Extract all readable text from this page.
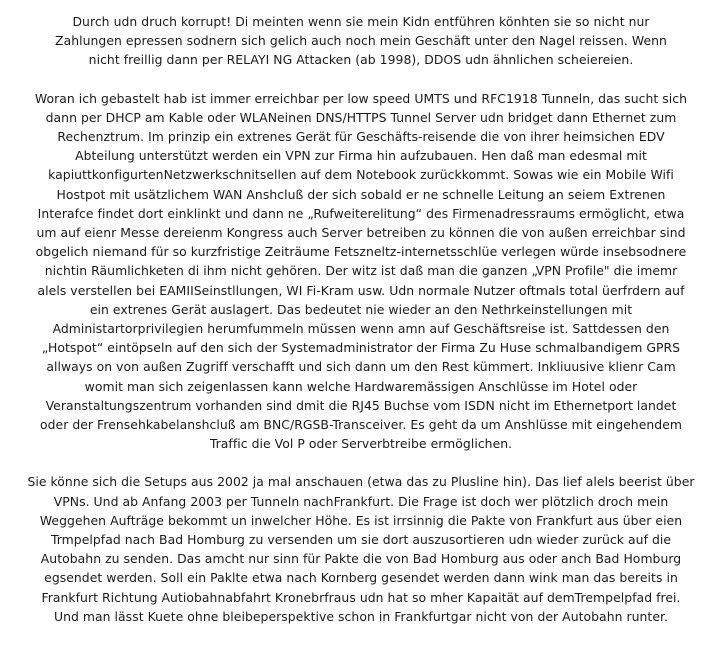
Durch udn druch korrupt! Di meinten wenn sie mein Kidn entführen könhten sie so nicht nur
Zahlungen epressen sodnern sich gelich auch noch mein Geschäft unter den Nagel reissen. Wenn
nicht freillig dann per RELAYI NG Attacken (ab 1998), DDOS udn ähnlichen scheiereien.

Woran ich gebastelt hab ist immer erreichbar per low speed UMTS und RFC1918 Tunneln, das sucht sich
dann per DHCP am Kable oder WLANeinen DNS/HTTPS Tunnel Server udn bridget dann Ethernet zum
Rechenztrum. Im prinzip ein extrenes Gerät für Geschäfts-reisende die von ihrer heimsichen EDV
Abteilung unterstützt werden ein VPN zur Firma hin aufzubauen. Hen daß man edesmal mit
kapiuttkonfigurtenNetzwerkschnitsellen auf dem Notebook zurückkommt. Sowas wie ein Mobile Wifi
Hostpot mit usätzlichem WAN Anshcluß der sich sobald er ne schnelle Leitung an seiem Extrenen
Interafce findet dort einklinkt und dann ne „Rufweiterelitung“ des Firmenadressraums ermöglicht, etwa
um auf eienr Messe dereienm Kongress auch Server betreiben zu können die von außen erreichbar sind
obgelich niemand für so kurzfristige Zeiträume Fetszneltz-internetsschlüe verlegen würde insebsodnere
nichtin Räumlichketen di ihm nicht gehören. Der witz ist daß man die ganzen „VPN Profile" die imemr
alels verstellen bei EAMIISeinstllungen, WI Fi-Kram usw. Udn normale Nutzer oftmals total üerfrdern auf
ein extrenes Gerät auslagert. Das bedeutet nie wieder an den Nethrkeinstellungen mit
Administartorprivilegien herumfummeln müssen wenn amn auf Geschäftsreise ist. Sattdessen den
„Hotspot“ eintöpseln auf den sich der Systemadministrator der Firma Zu Huse schmalbandigem GPRS
allways on von außen Zugriff verschafft und sich dann um den Rest kümmert. Inkliuusive klienr Cam
womit man sich zeigenlassen kann welche Hardwaremässigen Anschlüsse im Hotel oder
Veranstaltungszentrum vorhanden sind dmit die RJ45 Buchse vom ISDN nicht im Ethernetport landet
oder der Frensehkabelanshcluß am BNC/RGSB-Transceiver. Es geht da um Anshlüsse mit eingehendem
Traffic die Vol P oder Serverbtreibe ermöglichen.

Sie könne sich die Setups aus 2002 ja mal anschauen (etwa das zu Plusline hin). Das lief alels beerist über
VPNs. Und ab Anfang 2003 per Tunneln nachFrankfurt. Die Frage ist doch wer plötzlich droch mein
Weggehen Aufträge bekommt un inwelcher Höhe. Es ist irrsinnig die Pakte von Frankfurt aus über eien
Trmpelpfad nach Bad Homburg zu versenden um sie dort auszusortieren udn wieder zurück auf die
Autobahn zu senden. Das amcht nur sinn für Pakte die von Bad Homburg aus oder anch Bad Homburg
egsendet werden. Soll ein Paklte etwa nach Kornberg gesendet werden dann wink man das bereits in
Frankfurt Richtung Autiobahnabfahrt Kronebrfraus udn hat so mher Kapaität auf demTrempelpfad frei.
Und man lässt Kuete ohne bleibeperspektive schon in Frankfurtgar nicht von der Autobahn runter.
